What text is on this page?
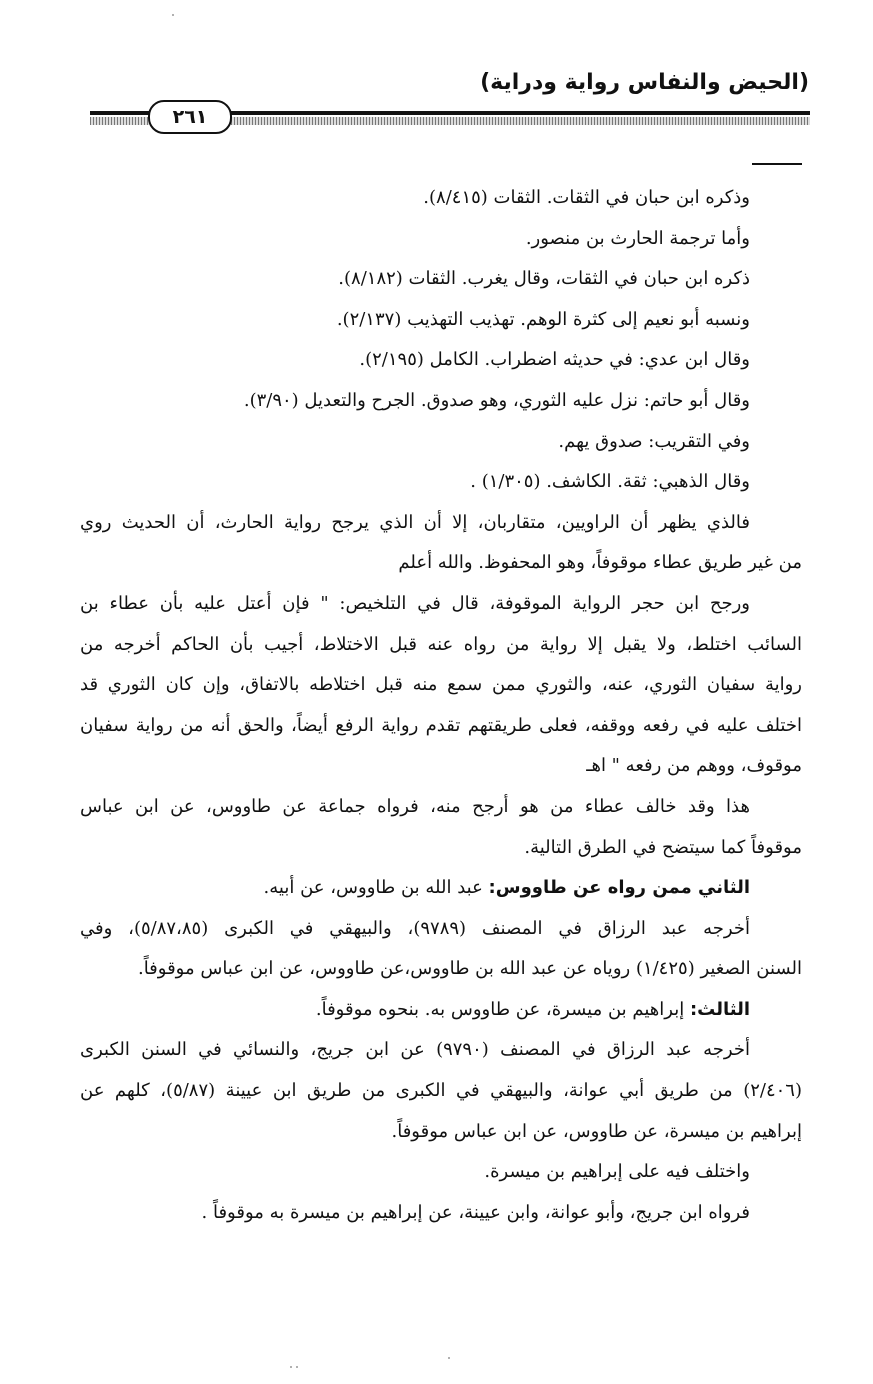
(الحيض والنفاس رواية ودراية)
٢٦١
وذكره ابن حبان في الثقات. الثقات (٨/٤١٥).
وأما ترجمة الحارث بن منصور.
ذكره ابن حبان في الثقات، وقال يغرب. الثقات (٨/١٨٢).
ونسبه أبو نعيم إلى كثرة الوهم. تهذيب التهذيب (٢/١٣٧).
وقال ابن عدي: في حديثه اضطراب. الكامل (٢/١٩٥).
وقال أبو حاتم: نزل عليه الثوري، وهو صدوق. الجرح والتعديل (٣/٩٠).
وفي التقريب: صدوق يهم.
وقال الذهبي: ثقة. الكاشف. (١/٣٠٥) .
فالذي يظهر أن الراويين، متقاربان، إلا أن الذي يرجح رواية الحارث، أن الحديث روي
من غير طريق عطاء موقوفاً، وهو المحفوظ. والله أعلم
ورجح ابن حجر الرواية الموقوفة، قال في التلخيص: " فإن أعتل عليه بأن عطاء بن
السائب اختلط، ولا يقبل إلا رواية من رواه عنه قبل الاختلاط، أجيب بأن الحاكم أخرجه من
رواية سفيان الثوري، عنه، والثوري ممن سمع منه قبل اختلاطه بالاتفاق، وإن كان الثوري قد
اختلف عليه في رفعه ووقفه، فعلى طريقتهم تقدم رواية الرفع أيضاً، والحق أنه من رواية سفيان
موقوف، ووهم من رفعه " اهـ
هذا وقد خالف عطاء من هو أرجح منه، فرواه جماعة عن طاووس، عن ابن عباس
موقوفاً كما سيتضح في الطرق التالية.
الثاني ممن رواه عن طاووس: عبد الله بن طاووس، عن أبيه.
أخرجه عبد الرزاق في المصنف (٩٧٨٩)، والبيهقي في الكبرى (٥/٨٧،٨٥)، وفي
السنن الصغير (١/٤٢٥) روياه عن عبد الله بن طاووس،عن طاووس، عن ابن عباس موقوفاً.
الثالث: إبراهيم بن ميسرة، عن طاووس به. بنحوه موقوفاً.
أخرجه عبد الرزاق في المصنف (٩٧٩٠) عن ابن جريج، والنسائي في السنن الكبرى
(٢/٤٠٦) من طريق أبي عوانة، والبيهقي في الكبرى من طريق ابن عيينة (٥/٨٧)، كلهم عن
إبراهيم بن ميسرة، عن طاووس، عن ابن عباس موقوفاً.
واختلف فيه على إبراهيم بن ميسرة.
فرواه ابن جريج، وأبو عوانة، وابن عيينة، عن إبراهيم بن ميسرة به موقوفاً .
